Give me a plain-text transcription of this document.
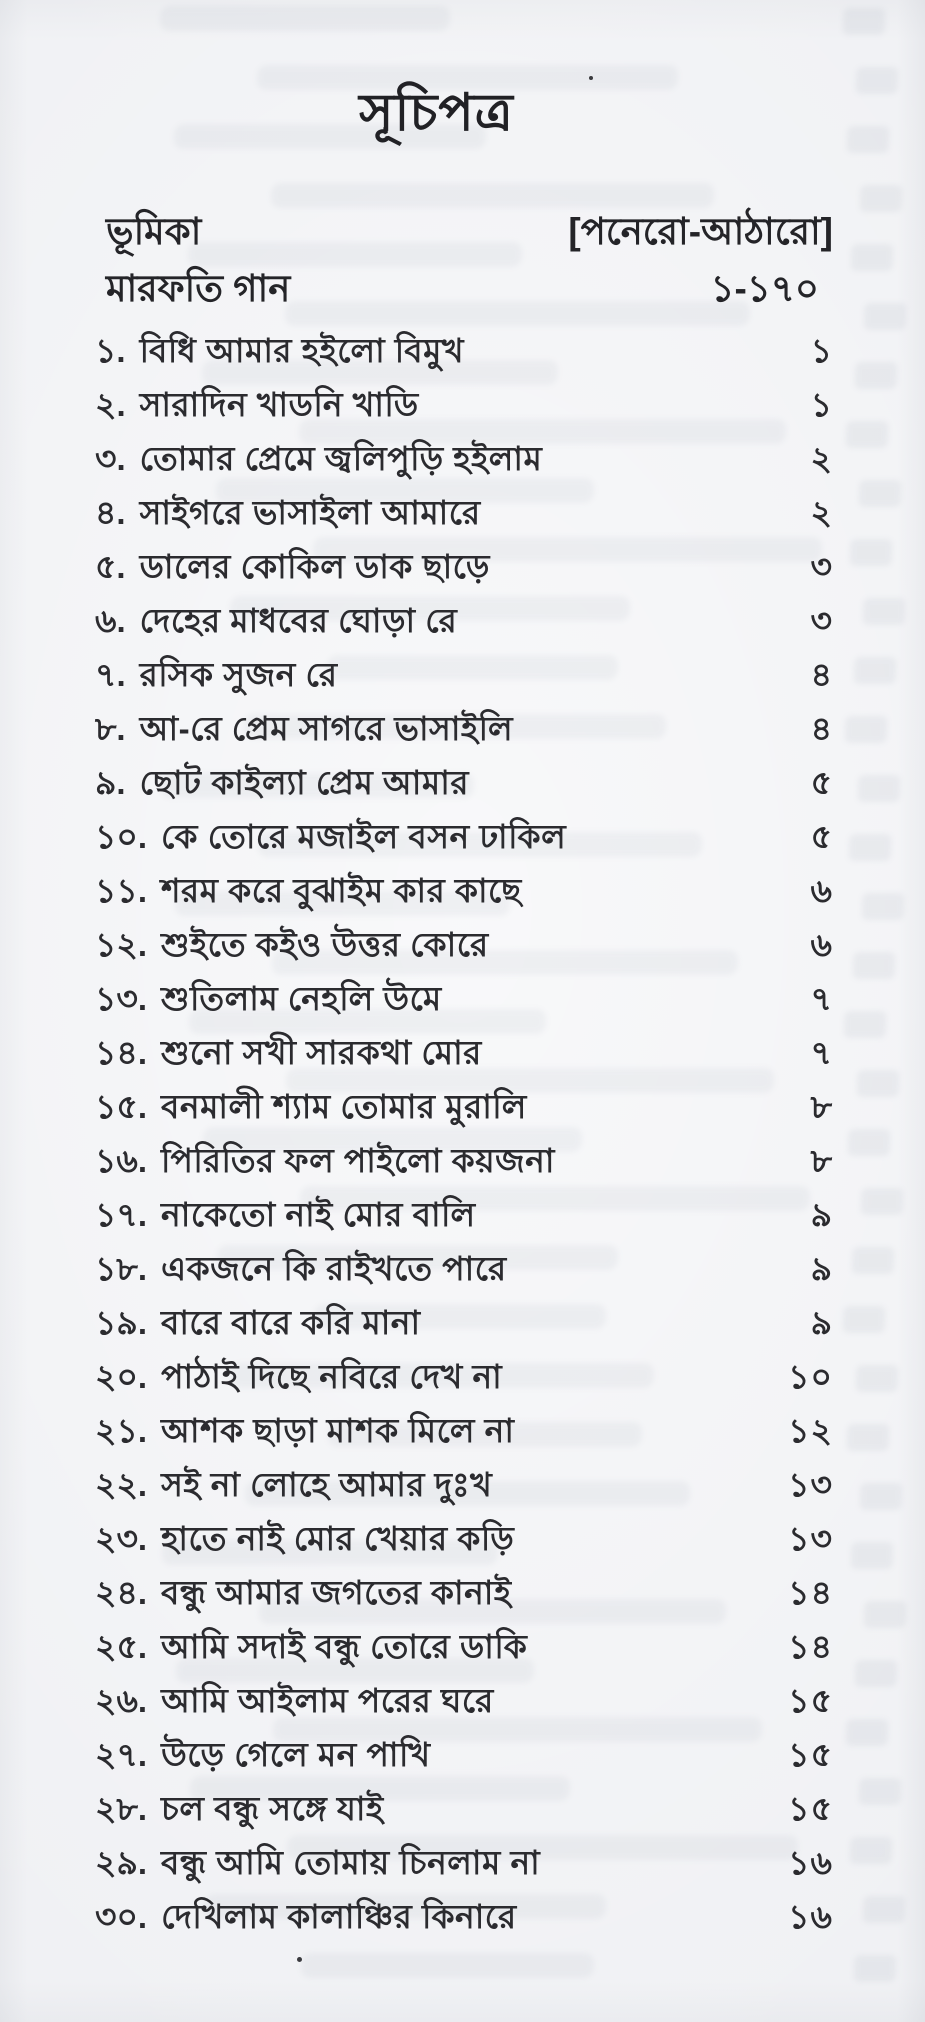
সূচিপত্র
ভূমিকা	[পনেরো-আঠারো]
মারফতি গান	১-১৭০
১. বিধি আমার হইলো বিমুখ	১
২. সারাদিন খাডনি খাডি	১
৩. তোমার প্রেমে জ্বলিপুড়ি হইলাম	২
৪. সাইগরে ভাসাইলা আমারে	২
৫. ডালের কোকিল ডাক ছাড়ে	৩
৬. দেহের মাধবের ঘোড়া রে	৩
৭. রসিক সুজন রে	৪
৮. আ-রে প্রেম সাগরে ভাসাইলি	৪
৯. ছোট কাইল্যা প্রেম আমার	৫
১০. কে তোরে মজাইল বসন ঢাকিল	৫
১১. শরম করে বুঝাইম কার কাছে	৬
১২. শুইতে কইও উত্তর কোরে	৬
১৩. শুতিলাম নেহলি উমে	৭
১৪. শুনো সখী সারকথা মোর	৭
১৫. বনমালী শ্যাম তোমার মুরালি	৮
১৬. পিরিতির ফল পাইলো কয়জনা	৮
১৭. নাকেতো নাই মোর বালি	৯
১৮. একজনে কি রাইখতে পারে	৯
১৯. বারে বারে করি মানা	৯
২০. পাঠাই দিছে নবিরে দেখ না	১০
২১. আশক ছাড়া মাশক মিলে না	১২
২২. সই না লোহে আমার দুঃখ	১৩
২৩. হাতে নাই মোর খেয়ার কড়ি	১৩
২৪. বন্ধু আমার জগতের কানাই	১৪
২৫. আমি সদাই বন্ধু তোরে ডাকি	১৪
২৬. আমি আইলাম পরের ঘরে	১৫
২৭. উড়ে গেলে মন পাখি	১৫
২৮. চল বন্ধু সঙ্গে যাই	১৫
২৯. বন্ধু আমি তোমায় চিনলাম না	১৬
৩০. দেখিলাম কালাঞ্চির কিনারে	১৬
